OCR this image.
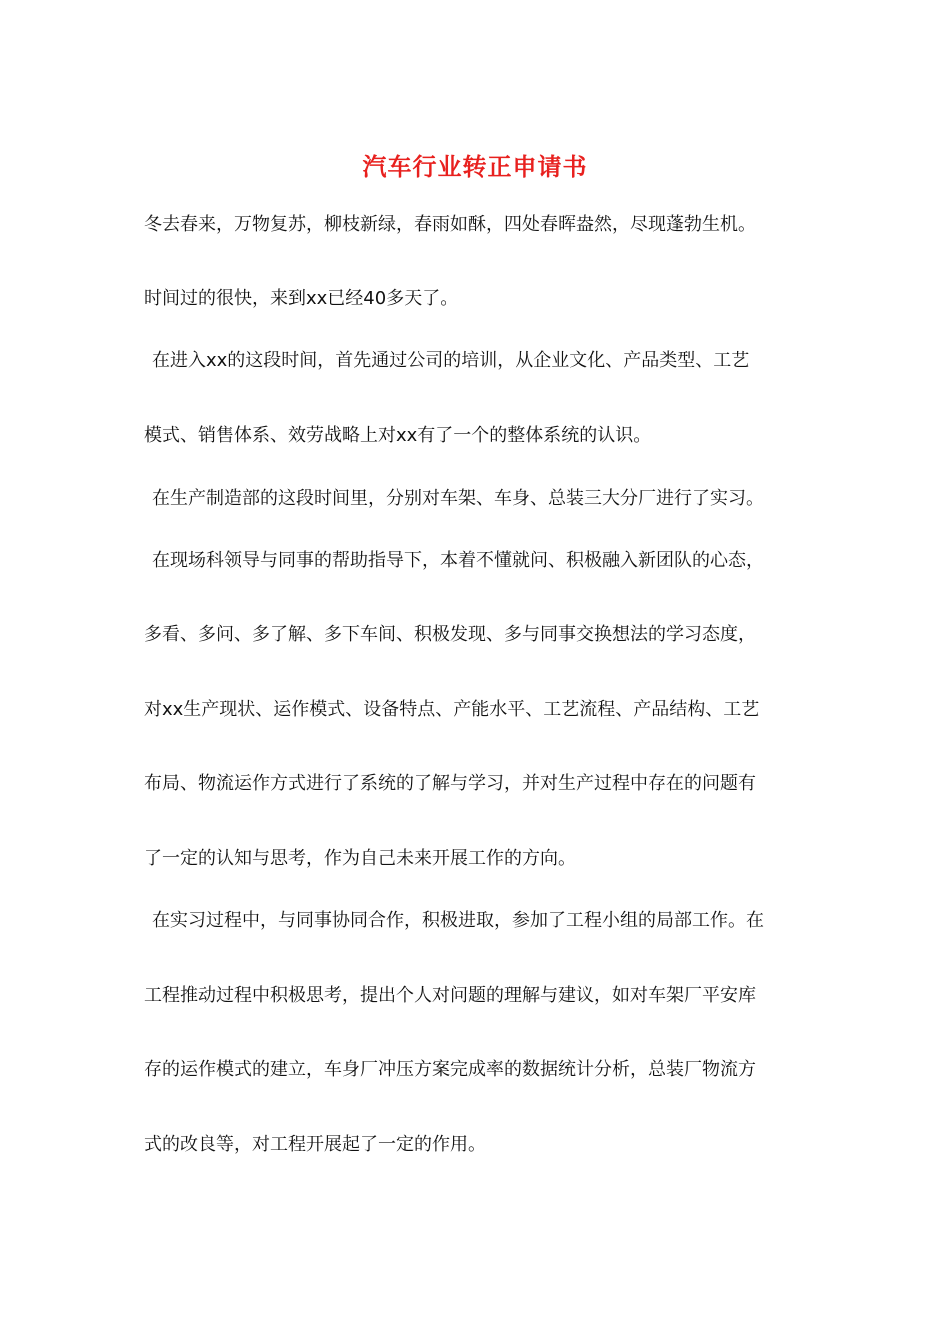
汽车行业转正申请书
冬去春来，万物复苏，柳枝新绿，春雨如酥，四处春晖盎然，尽现蓬勃生机。
时间过的很快，来到xx已经40多天了。
在进入xx的这段时间，首先通过公司的培训，从企业文化、产品类型、工艺
模式、销售体系、效劳战略上对xx有了一个的整体系统的认识。
在生产制造部的这段时间里，分别对车架、车身、总装三大分厂进行了实习。
在现场科领导与同事的帮助指导下，本着不懂就问、积极融入新团队的心态，
多看、多问、多了解、多下车间、积极发现、多与同事交换想法的学习态度，
对xx生产现状、运作模式、设备特点、产能水平、工艺流程、产品结构、工艺
布局、物流运作方式进行了系统的了解与学习，并对生产过程中存在的问题有
了一定的认知与思考，作为自己未来开展工作的方向。
在实习过程中，与同事协同合作，积极进取，参加了工程小组的局部工作。在
工程推动过程中积极思考，提出个人对问题的理解与建议，如对车架厂平安库
存的运作模式的建立，车身厂冲压方案完成率的数据统计分析，总装厂物流方
式的改良等，对工程开展起了一定的作用。
